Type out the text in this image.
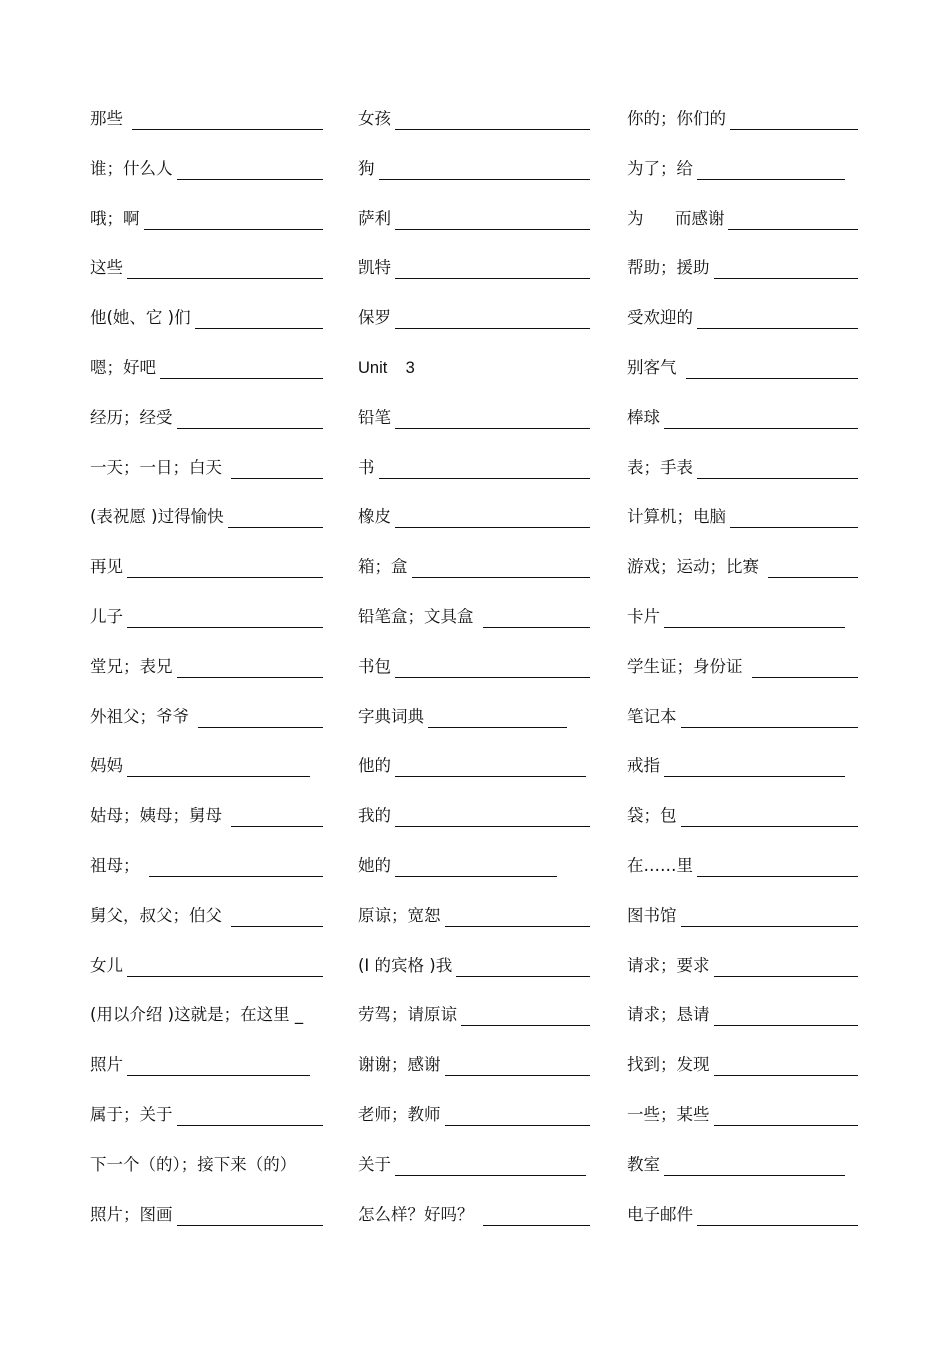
那些
谁；什么人
哦；啊
这些
他(她、它 )们
嗯；好吧
经历；经受
一天；一日；白天
(表祝愿 )过得愉快
再见
儿子
堂兄；表兄
外祖父；爷爷
妈妈
姑母；姨母；舅母
祖母；
舅父，叔父；伯父
女儿
(用以介绍 )这就是；在这里 _
照片
属于；关于
下一个（的）；接下来（的）
照片；图画
女孩
狗
萨利
凯特
保罗
Unit    3
铅笔
书
橡皮
箱；盒
铅笔盒；文具盒
书包
字典词典
他的
我的
她的
原谅；宽恕
(I 的宾格 )我
劳驾；请原谅
谢谢；感谢
老师；教师
关于
怎么样？好吗？
你的；你们的
为了；给
为      而感谢
帮助；援助
受欢迎的
别客气
棒球
表；手表
计算机；电脑
游戏；运动；比赛
卡片
学生证；身份证
笔记本
戒指
袋；包
在……里
图书馆
请求；要求
请求；恳请
找到；发现
一些；某些
教室
电子邮件
